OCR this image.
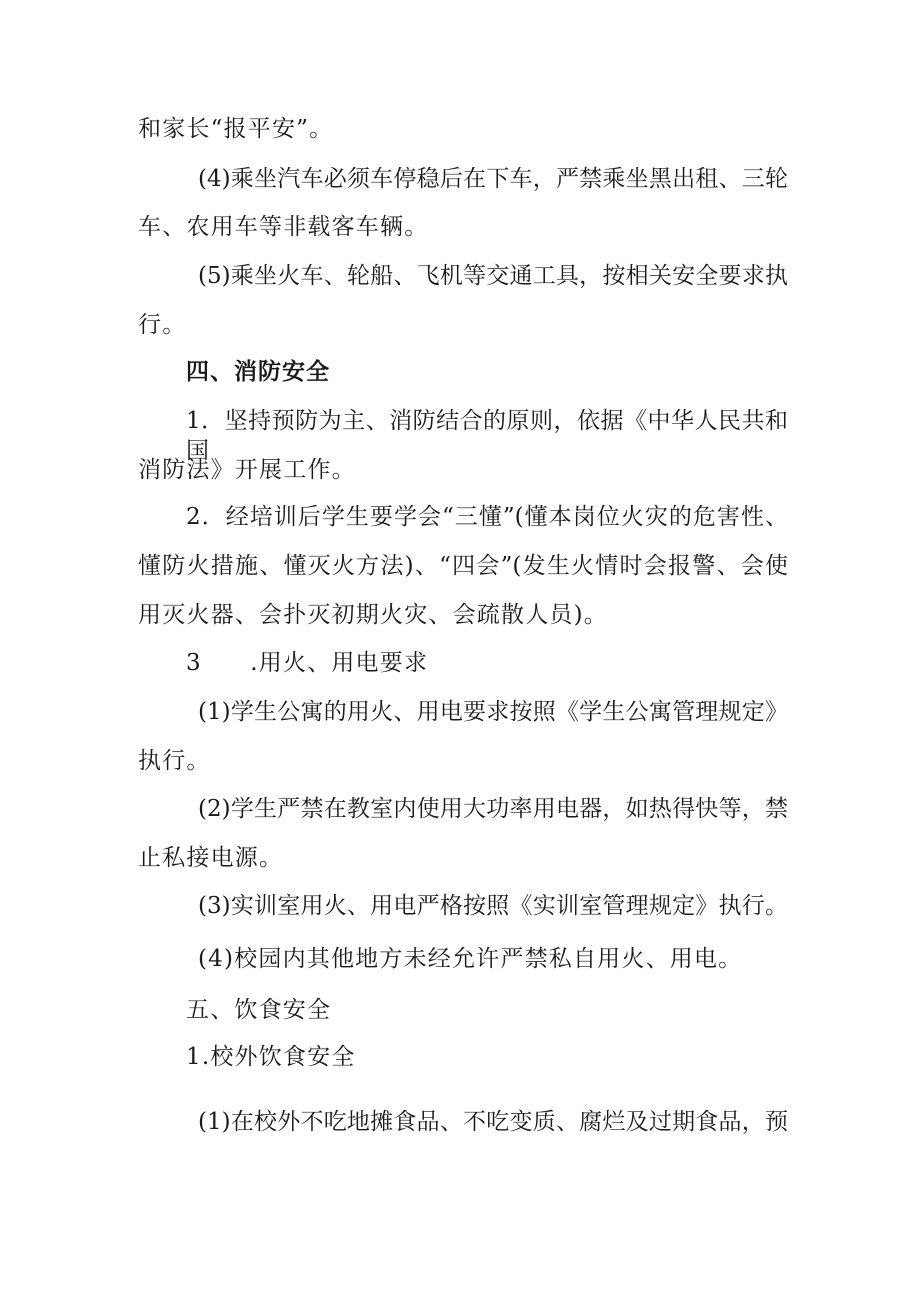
和家长“报平安”。

(4)乘坐汽车必须车停稳后在下车，严禁乘坐黑出租、三轮

车、农用车等非载客车辆。

(5)乘坐火车、轮船、飞机等交通工具，按相关安全要求执

行。

四、消防安全

1．坚持预防为主、消防结合的原则，依据《中华人民共和国

消防法》开展工作。

2．经培训后学生要学会“三懂”(懂本岗位火灾的危害性、

懂防火措施、懂灭火方法)、“四会”(发生火情时会报警、会使

用灭火器、会扑灭初期火灾、会疏散人员)。

3　　.用火、用电要求

(1)学生公寓的用火、用电要求按照《学生公寓管理规定》

执行。

(2)学生严禁在教室内使用大功率用电器，如热得快等，禁

止私接电源。

(3)实训室用火、用电严格按照《实训室管理规定》执行。

(4)校园内其他地方未经允许严禁私自用火、用电。

五、饮食安全

1.校外饮食安全

(1)在校外不吃地摊食品、不吃变质、腐烂及过期食品，预
